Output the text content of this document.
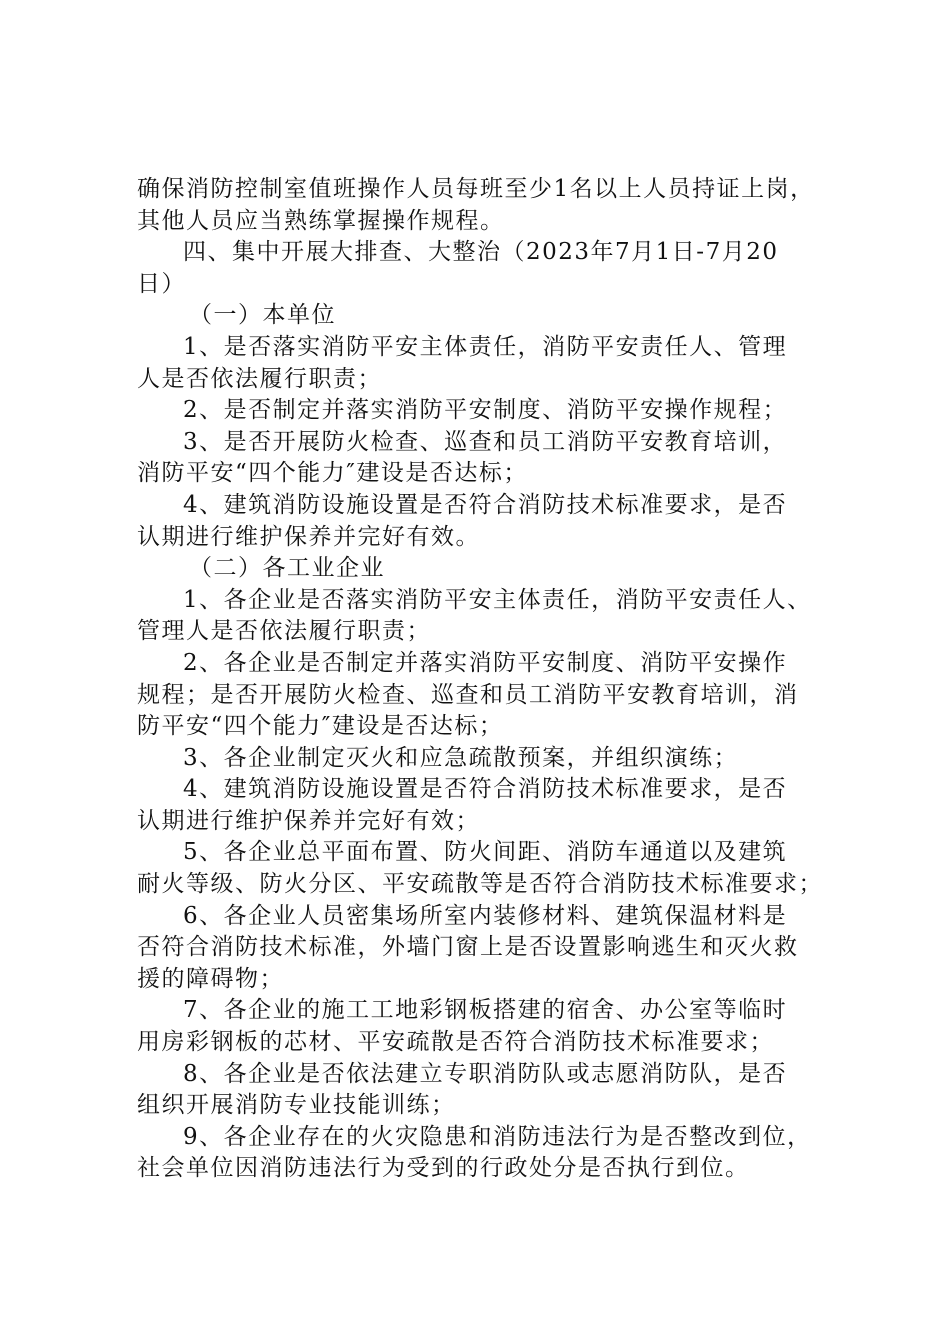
确保消防控制室值班操作人员每班至少1名以上人员持证上岗，
其他人员应当熟练掌握操作规程。
四、集中开展大排查、大整治（2023年7月1日-7月20
日）
（一）本单位
1、是否落实消防平安主体责任，消防平安责任人、管理
人是否依法履行职责；
2、是否制定并落实消防平安制度、消防平安操作规程；
3、是否开展防火检查、巡查和员工消防平安教育培训，
消防平安“四个能力″建设是否达标；
4、建筑消防设施设置是否符合消防技术标准要求，是否
认期进行维护保养并完好有效。
（二）各工业企业
1、各企业是否落实消防平安主体责任，消防平安责任人、
管理人是否依法履行职责；
2、各企业是否制定并落实消防平安制度、消防平安操作
规程；是否开展防火检查、巡查和员工消防平安教育培训，消
防平安“四个能力″建设是否达标；
3、各企业制定灭火和应急疏散预案，并组织演练；
4、建筑消防设施设置是否符合消防技术标准要求，是否
认期进行维护保养并完好有效；
5、各企业总平面布置、防火间距、消防车通道以及建筑
耐火等级、防火分区、平安疏散等是否符合消防技术标准要求；
6、各企业人员密集场所室内装修材料、建筑保温材料是
否符合消防技术标准，外墙门窗上是否设置影响逃生和灭火救
援的障碍物；
7、各企业的施工工地彩钢板搭建的宿舍、办公室等临时
用房彩钢板的芯材、平安疏散是否符合消防技术标准要求；
8、各企业是否依法建立专职消防队或志愿消防队，是否
组织开展消防专业技能训练；
9、各企业存在的火灾隐患和消防违法行为是否整改到位，
社会单位因消防违法行为受到的行政处分是否执行到位。
